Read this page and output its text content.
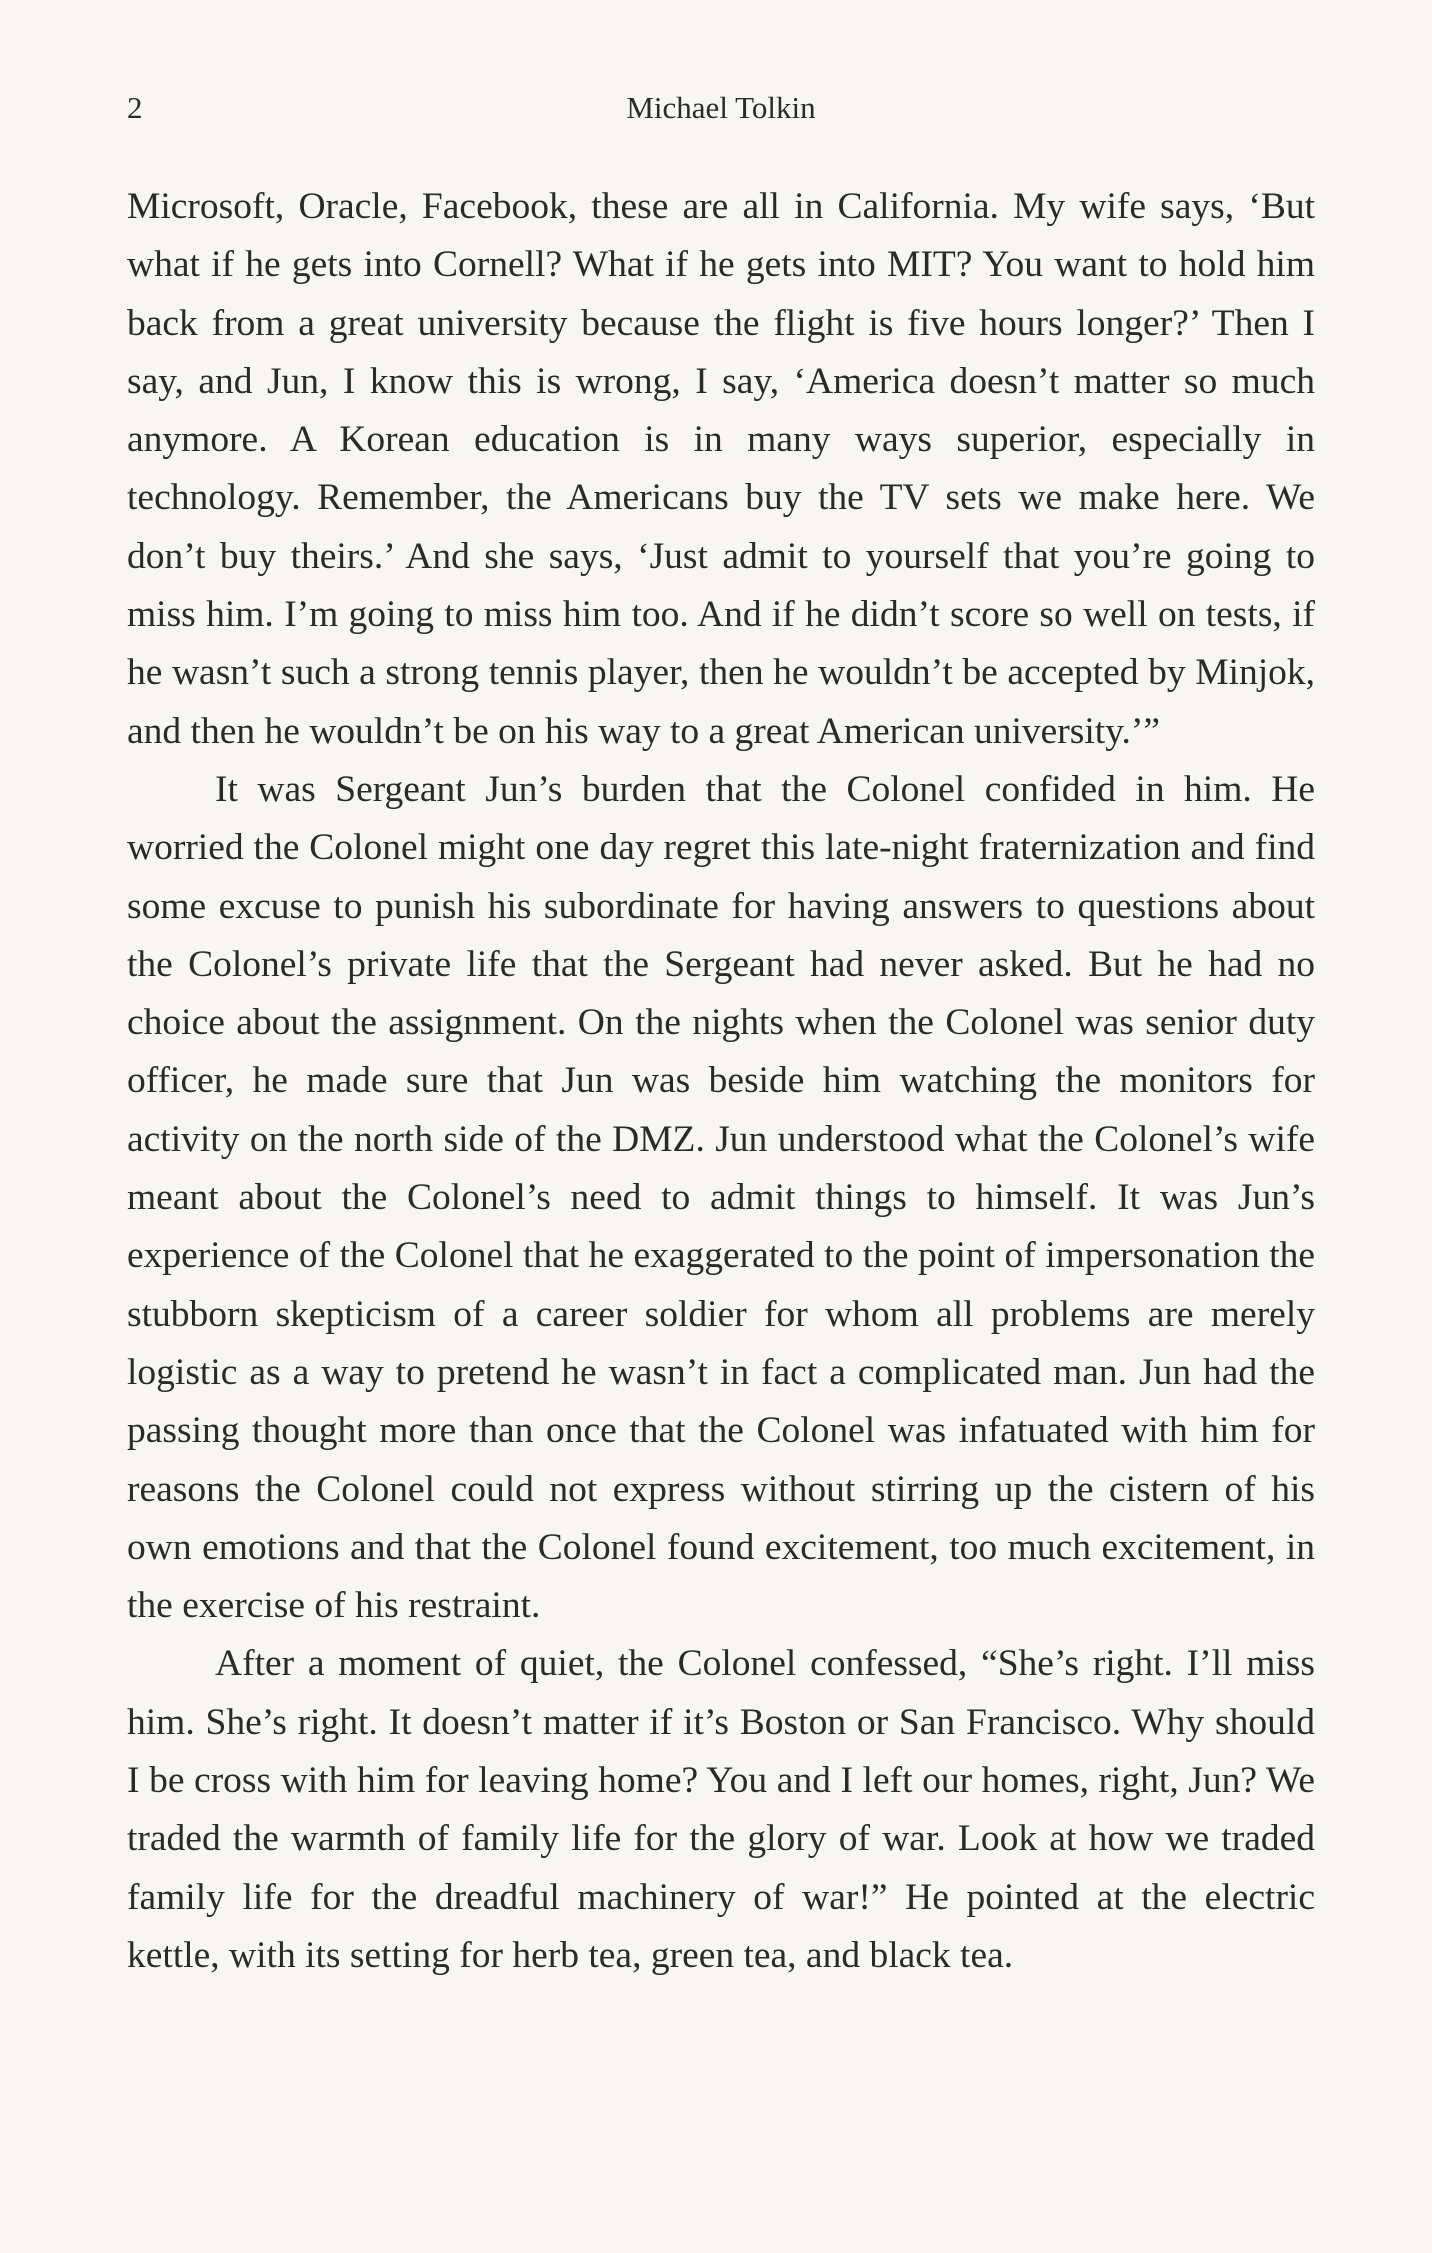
2	Michael Tolkin

Microsoft, Oracle, Facebook, these are all in California. My wife says, ‘But what if he gets into Cornell? What if he gets into MIT? You want to hold him back from a great university because the flight is five hours longer?’ Then I say, and Jun, I know this is wrong, I say, ‘America doesn’t matter so much anymore. A Korean education is in many ways superior, especially in technology. Remember, the Americans buy the TV sets we make here. We don’t buy theirs.’ And she says, ‘Just admit to yourself that you’re going to miss him. I’m going to miss him too. And if he didn’t score so well on tests, if he wasn’t such a strong tennis player, then he wouldn’t be accepted by Minjok, and then he wouldn’t be on his way to a great American university.’”

It was Sergeant Jun’s burden that the Colonel confided in him. He worried the Colonel might one day regret this late-night fraternization and find some excuse to punish his subordinate for having answers to questions about the Colonel’s private life that the Sergeant had never asked. But he had no choice about the assignment. On the nights when the Colonel was senior duty officer, he made sure that Jun was beside him watching the monitors for activity on the north side of the DMZ. Jun understood what the Colonel’s wife meant about the Colonel’s need to admit things to himself. It was Jun’s experience of the Colonel that he exaggerated to the point of impersonation the stubborn skepticism of a career soldier for whom all problems are merely logistic as a way to pretend he wasn’t in fact a complicated man. Jun had the passing thought more than once that the Colonel was infatuated with him for reasons the Colonel could not express without stirring up the cistern of his own emotions and that the Colonel found excitement, too much excitement, in the exercise of his restraint.

After a moment of quiet, the Colonel confessed, “She’s right. I’ll miss him. She’s right. It doesn’t matter if it’s Boston or San Francisco. Why should I be cross with him for leaving home? You and I left our homes, right, Jun? We traded the warmth of family life for the glory of war. Look at how we traded family life for the dreadful machinery of war!” He pointed at the electric kettle, with its setting for herb tea, green tea, and black tea.
